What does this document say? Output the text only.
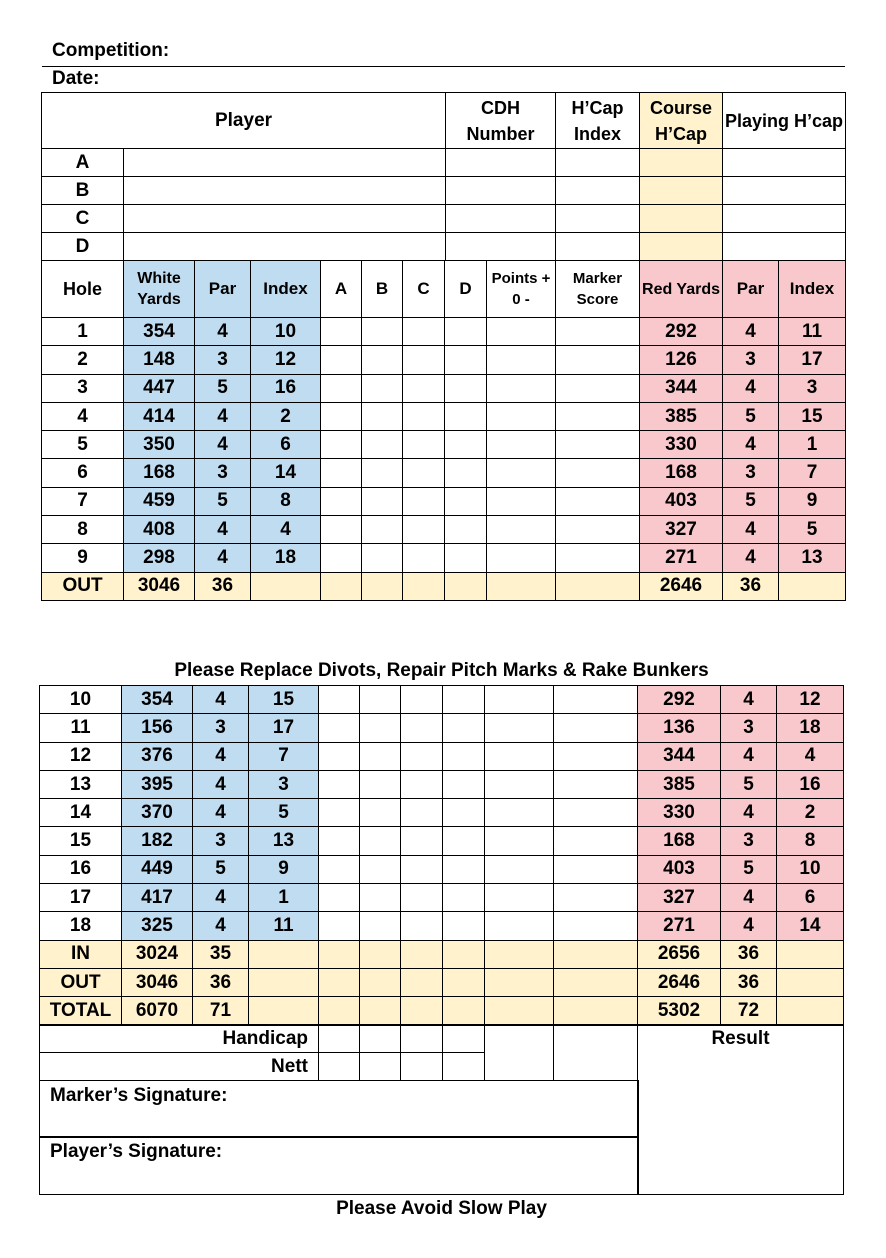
Competition:
Date:
Player		CDH Number	H’Cap Index	Course H’Cap	Playing H’cap
A					
B					
C					
D					
Hole	White Yards	Par	Index	A	B	C	D	Points + 0 -	Marker Score	Red Yards	Par	Index
1	354	4	10							292	4	11
2	148	3	12							126	3	17
3	447	5	16							344	4	3
4	414	4	2							385	5	15
5	350	4	6							330	4	1
6	168	3	14							168	3	7
7	459	5	8							403	5	9
8	408	4	4							327	4	5
9	298	4	18							271	4	13
OUT	3046	36								2646	36	
Please Replace Divots, Repair Pitch Marks & Rake Bunkers
10	354	4	15							292	4	12
11	156	3	17							136	3	18
12	376	4	7							344	4	4
13	395	4	3							385	5	16
14	370	4	5							330	4	2
15	182	3	13							168	3	8
16	449	5	9							403	5	10
17	417	4	1							327	4	6
18	325	4	11							271	4	14
IN	3024	35								2656	36	
OUT	3046	36								2646	36	
TOTAL	6070	71								5302	72	
Handicap						
Nett						
Result
Marker’s Signature:
Player’s Signature:
Please Avoid Slow Play
